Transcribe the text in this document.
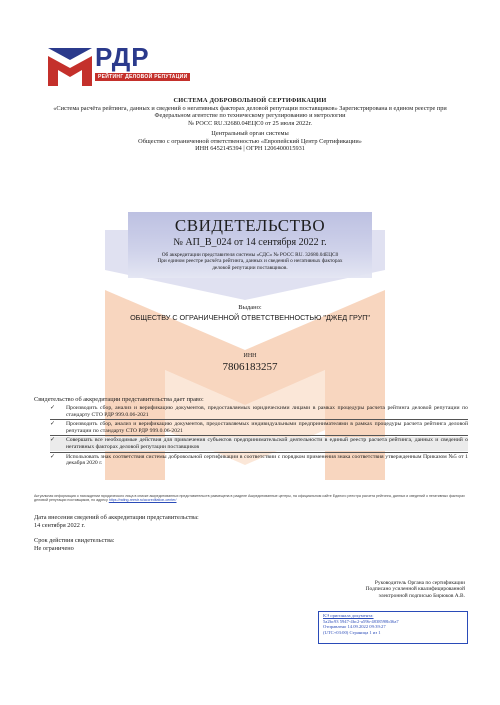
РДР
РЕЙТИНГ ДЕЛОВОЙ РЕПУТАЦИИ
СИСТЕМА ДОБРОВОЛЬНОЙ СЕРТИФИКАЦИИ
«Система расчёта рейтинга, данных и сведений о негативных факторах деловой репутации поставщиков» Зарегистрирована в едином реестре при
Федеральном агентстве по техническому регулированию и метрологии
№ РОСС RU.32680.04ЕЦС0 от 25 июля 2022г.
Центральный орган системы
Общество с ограниченной ответственностью «Европейский Центр Сертификации»
ИНН 6452145394 | ОГРН 1206400015931
СВИДЕТЕЛЬСТВО
№ АП_В_024 от 14 сентября 2022 г.
Об аккредитации представителя системы «СДС» № РОСС RU. 32680.04ЕЦС0
При едином реестре расчёта рейтинга, данных и сведений о негативных факторах
деловой репутации поставщиков.
Выдано:
ОБЩЕСТВУ С ОГРАНИЧЕННОЙ ОТВЕТСТВЕННОСТЬЮ "ДЖЕД ГРУП"
ИНН
7806183257
Свидетельство об аккредитации представительства дает право:
✓	Производить сбор, анализ и верификацию документов, предоставляемых юридическими лицами в рамках процедуры расчета рейтинга деловой репутации по стандарту СТО РДР 999.0.06-2021
✓	Производить сбор, анализ и верификацию документов, предоставляемых индивидуальными предпринимателями в рамках процедуры расчета рейтинга деловой репутации по стандарту СТО РДР 999.0.06-2021
✓	Совершать все необходимые действия для привлечения субъектов предпринимательской деятельности в единый реестр расчета рейтинга, данных и сведений о негативных факторах деловой репутации поставщиков
✓	Использовать знак соответствия системы добровольной сертификации в соответствии с порядком применения знака соответствия утвержденным Приказом №5 от 1 декабря 2020 г.
Актуальная информация о нахождении юридического лица в списке аккредитованных представительств размещена в разделе Аккредитованные центры, на официальном сайте Единого реестра расчета рейтинга, данных и сведений о негативных факторах деловой репутации поставщиков, по адресу https://rating-reestr.ru/accreditation-center/
Дата внесения сведений об аккредитации представительства:
14 сентября 2022 г.
Срок действия свидетельства:
Не ограничено
Руководитель Органа по сертификации
Подписано усиленной квалифицированной
электронной подписью Бирюков А.В.
КЭ оригинала документа:
5a2bc93 5947-4bc2-a59b-4838598b36a7
Отправлено 14.09.2022 09:39:27
(UTC+03:00) Страница 1 из 1
